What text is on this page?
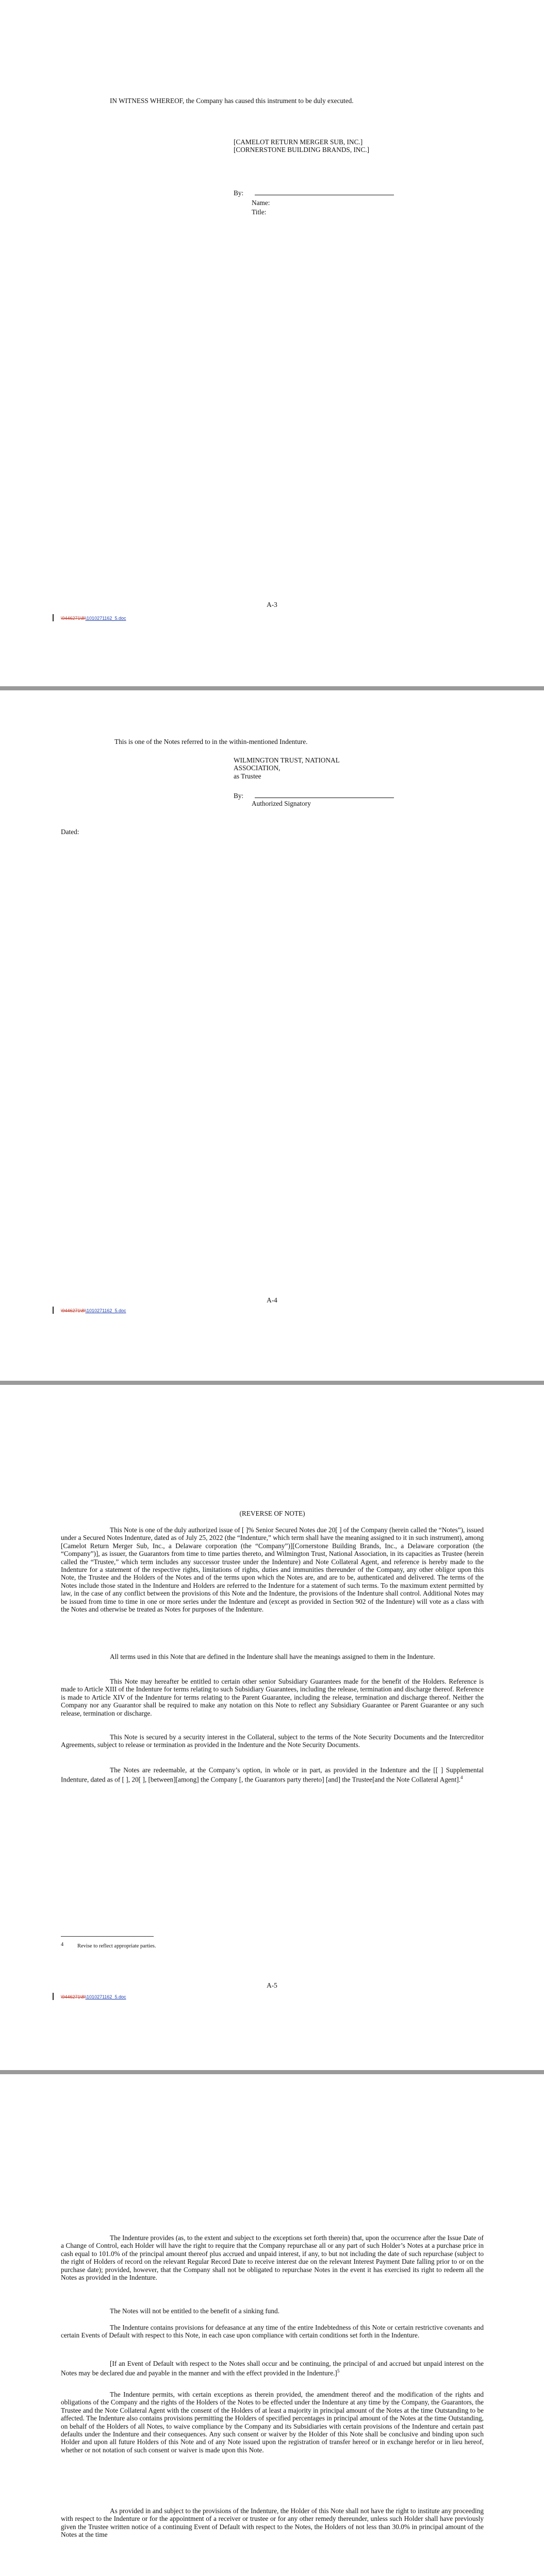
IN WITNESS WHEREOF, the Company has caused this instrument to be duly executed.
[CAMELOT RETURN MERGER SUB, INC.][CORNERSTONE BUILDING BRANDS, INC.]
By:
Name:
Title:
A-3
\9446271\8\\1010271162_5.doc
This is one of the Notes referred to in the within-mentioned Indenture.
WILMINGTON TRUST, NATIONAL ASSOCIATION,
as Trustee
By:
Authorized Signatory
Dated:
A-4
\9446271\8\\1010271162_5.doc
(REVERSE OF NOTE)
This Note is one of the duly authorized issue of [ ]% Senior Secured Notes due 20[ ] of the Company (herein called the “Notes”), issued under a Secured Notes Indenture, dated as of July 25, 2022 (the “Indenture,” which term shall have the meaning assigned to it in such instrument), among [Camelot Return Merger Sub, Inc., a Delaware corporation (the “Company”)][Cornerstone Building Brands, Inc., a Delaware corporation (the “Company”)], as issuer, the Guarantors from time to time parties thereto, and Wilmington Trust, National Association, in its capacities as Trustee (herein called the “Trustee,” which term includes any successor trustee under the Indenture) and Note Collateral Agent, and reference is hereby made to the Indenture for a statement of the respective rights, limitations of rights, duties and immunities thereunder of the Company, any other obligor upon this Note, the Trustee and the Holders of the Notes and of the terms upon which the Notes are, and are to be, authenticated and delivered. The terms of the Notes include those stated in the Indenture and Holders are referred to the Indenture for a statement of such terms. To the maximum extent permitted by law, in the case of any conflict between the provisions of this Note and the Indenture, the provisions of the Indenture shall control. Additional Notes may be issued from time to time in one or more series under the Indenture and (except as provided in Section 902 of the Indenture) will vote as a class with the Notes and otherwise be treated as Notes for purposes of the Indenture.
All terms used in this Note that are defined in the Indenture shall have the meanings assigned to them in the Indenture.
This Note may hereafter be entitled to certain other senior Subsidiary Guarantees made for the benefit of the Holders. Reference is made to Article XIII of the Indenture for terms relating to such Subsidiary Guarantees, including the release, termination and discharge thereof. Reference is made to Article XIV of the Indenture for terms relating to the Parent Guarantee, including the release, termination and discharge thereof. Neither the Company nor any Guarantor shall be required to make any notation on this Note to reflect any Subsidiary Guarantee or Parent Guarantee or any such release, termination or discharge.
This Note is secured by a security interest in the Collateral, subject to the terms of the Note Security Documents and the Intercreditor Agreements, subject to release or termination as provided in the Indenture and the Note Security Documents.
The Notes are redeemable, at the Company’s option, in whole or in part, as provided in the Indenture and the [[ ] Supplemental Indenture, dated as of [ ], 20[ ], [between][among] the Company [, the Guarantors party thereto] [and] the Trustee[and the Note Collateral Agent].$^4$
4	Revise to reflect appropriate parties.
A-5
\9446271\8\\1010271162_5.doc
The Indenture provides (as, to the extent and subject to the exceptions set forth therein) that, upon the occurrence after the Issue Date of a Change of Control, each Holder will have the right to require that the Company repurchase all or any part of such Holder’s Notes at a purchase price in cash equal to 101.0% of the principal amount thereof plus accrued and unpaid interest, if any, to but not including the date of such repurchase (subject to the right of Holders of record on the relevant Regular Record Date to receive interest due on the relevant Interest Payment Date falling prior to or on the purchase date); provided, however, that the Company shall not be obligated to repurchase Notes in the event it has exercised its right to redeem all the Notes as provided in the Indenture.
The Notes will not be entitled to the benefit of a sinking fund.
The Indenture contains provisions for defeasance at any time of the entire Indebtedness of this Note or certain restrictive covenants and certain Events of Default with respect to this Note, in each case upon compliance with certain conditions set forth in the Indenture.
[If an Event of Default with respect to the Notes shall occur and be continuing, the principal of and accrued but unpaid interest on the Notes may be declared due and payable in the manner and with the effect provided in the Indenture.]$^5$
The Indenture permits, with certain exceptions as therein provided, the amendment thereof and the modification of the rights and obligations of the Company and the rights of the Holders of the Notes to be effected under the Indenture at any time by the Company, the Guarantors, the Trustee and the Note Collateral Agent with the consent of the Holders of at least a majority in principal amount of the Notes at the time Outstanding to be affected. The Indenture also contains provisions permitting the Holders of specified percentages in principal amount of the Notes at the time Outstanding, on behalf of the Holders of all Notes, to waive compliance by the Company and its Subsidiaries with certain provisions of the Indenture and certain past defaults under the Indenture and their consequences. Any such consent or waiver by the Holder of this Note shall be conclusive and binding upon such Holder and upon all future Holders of this Note and of any Note issued upon the registration of transfer hereof or in exchange herefor or in lieu hereof, whether or not notation of such consent or waiver is made upon this Note.
As provided in and subject to the provisions of the Indenture, the Holder of this Note shall not have the right to institute any proceeding with respect to the Indenture or for the appointment of a receiver or trustee or for any other remedy thereunder, unless such Holder shall have previously given the Trustee written notice of a continuing Event of Default with respect to the Notes, the Holders of not less than 30.0% in principal amount of the Notes at the time
